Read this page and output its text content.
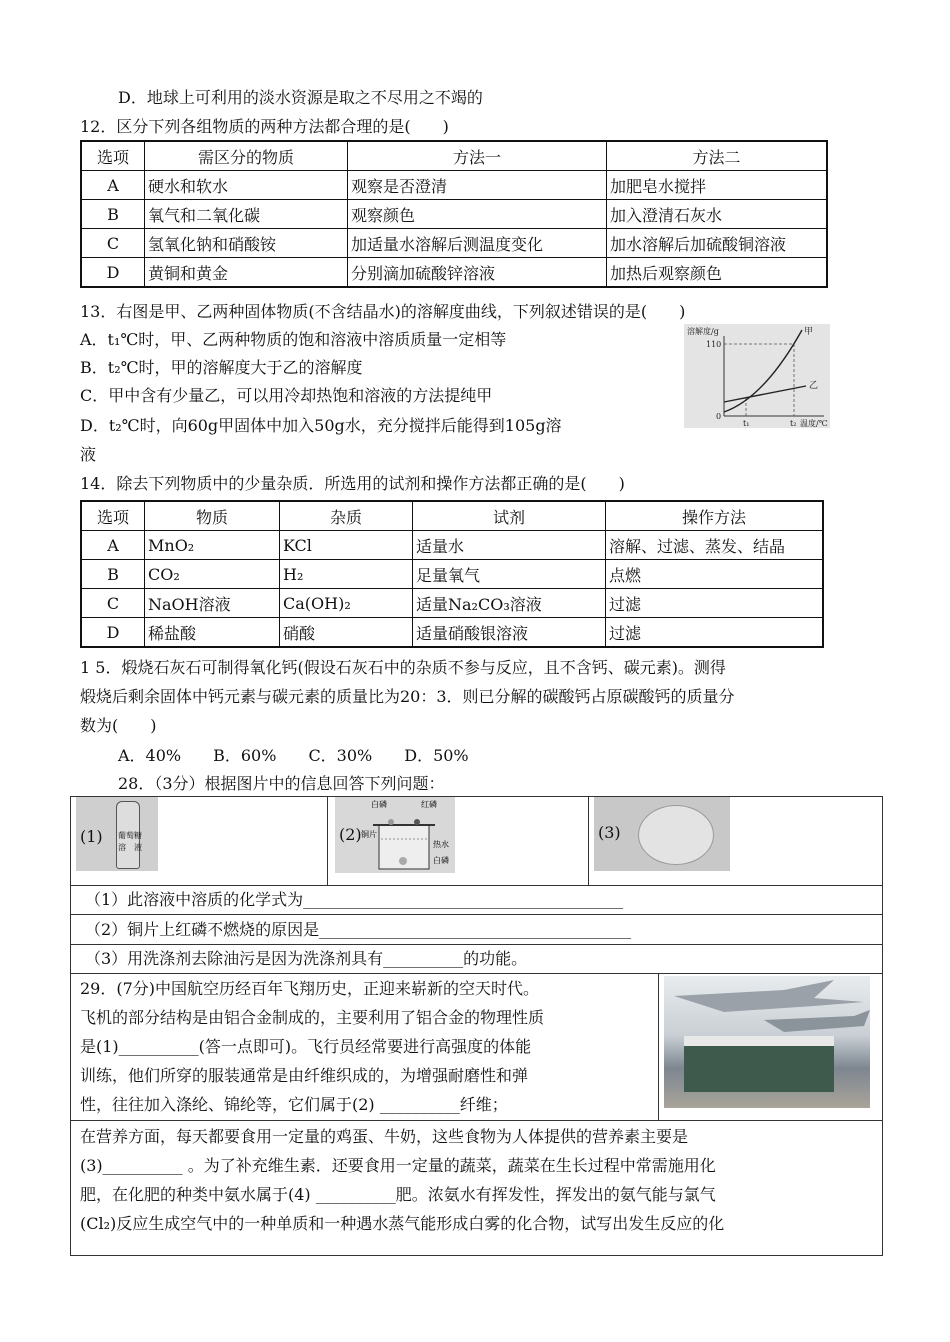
D．地球上可利用的淡水资源是取之不尽用之不竭的
12．区分下列各组物质的两种方法都合理的是(　　)
选项	需区分的物质	方法一	方法二
A	硬水和软水	观察是否澄清	加肥皂水搅拌
B	氧气和二氧化碳	观察颜色	加入澄清石灰水
C	氢氧化钠和硝酸铵	加适量水溶解后测温度变化	加水溶解后加硫酸铜溶液
D	黄铜和黄金	分别滴加硫酸锌溶液	加热后观察颜色
13．右图是甲、乙两种固体物质(不含结晶水)的溶解度曲线，下列叙述错误的是(　　)
A．t₁℃时，甲、乙两种物质的饱和溶液中溶质质量一定相等
B．t₂℃时，甲的溶解度大于乙的溶解度
C．甲中含有少量乙，可以用冷却热饱和溶液的方法提纯甲
D．t₂℃时，向60g甲固体中加入50g水，充分搅拌后能得到105g溶
液
溶解度/g
110
0
t₁	t₂ 温度/℃
甲
乙
14．除去下列物质中的少量杂质．所选用的试剂和操作方法都正确的是(　　)
选项	物质	杂质	试剂	操作方法
A	MnO₂	KCl	适量水	溶解、过滤、蒸发、结晶
B	CO₂	H₂	足量氧气	点燃
C	NaOH溶液	Ca(OH)₂	适量Na₂CO₃溶液	过滤
D	稀盐酸	硝酸	适量硝酸银溶液	过滤
1 5．煅烧石灰石可制得氧化钙(假设石灰石中的杂质不参与反应，且不含钙、碳元素)。测得
煅烧后剩余固体中钙元素与碳元素的质量比为20：3．则已分解的碳酸钙占原碳酸钙的质量分
数为(　　)
A．40%　　B．60%　　C．30%　　D．50%
28．（3分）根据图片中的信息回答下列问题：
(1) 葡萄糖
溶　液
(2)
白磷	红磷
铜片
热水
白磷
(3)
（1）此溶液中溶质的化学式为________________________________________
（2）铜片上红磷不燃烧的原因是_______________________________________
（3）用洗涤剂去除油污是因为洗涤剂具有__________的功能。
29．(7分)中国航空历经百年飞翔历史，正迎来崭新的空天时代。
飞机的部分结构是由铝合金制成的，主要利用了铝合金的物理性质
是(1)__________(答一点即可)。飞行员经常要进行高强度的体能
训练，他们所穿的服装通常是由纤维织成的，为增强耐磨性和弹
性，往往加入涤纶、锦纶等，它们属于(2) __________纤维；
在营养方面，每天都要食用一定量的鸡蛋、牛奶，这些食物为人体提供的营养素主要是
(3)__________ 。为了补充维生素．还要食用一定量的蔬菜，蔬菜在生长过程中常需施用化
肥，在化肥的种类中氨水属于(4) __________肥。浓氨水有挥发性，挥发出的氨气能与氯气
(Cl₂)反应生成空气中的一种单质和一种遇水蒸气能形成白雾的化合物，试写出发生反应的化
